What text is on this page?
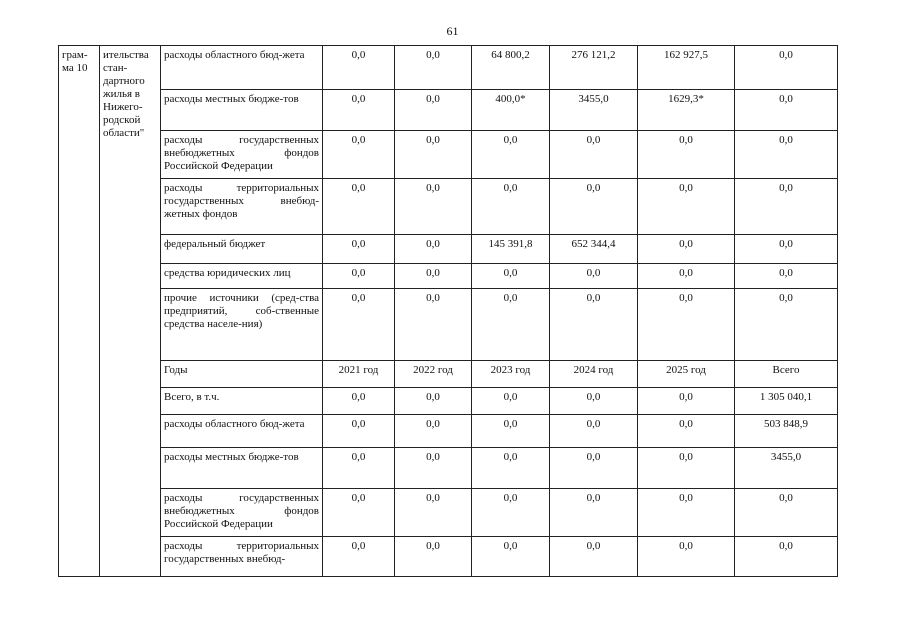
61
грам-ма 10	ительства стан-дартного жилья в Нижего-родской области"	расходы областного бюд-жета	0,0	0,0	64 800,2	276 121,2	162 927,5	0,0
		расходы местных бюдже-тов	0,0	0,0	400,0*	3455,0	1629,3*	0,0
		расходы государственных внебюджетных фондов Российской Федерации	0,0	0,0	0,0	0,0	0,0	0,0
		расходы территориальных государственных внебюд-жетных фондов	0,0	0,0	0,0	0,0	0,0	0,0
		федеральный бюджет	0,0	0,0	145 391,8	652 344,4	0,0	0,0
		средства юридических лиц	0,0	0,0	0,0	0,0	0,0	0,0
		прочие источники (сред-ства предприятий, соб-ственные средства населе-ния)	0,0	0,0	0,0	0,0	0,0	0,0
		Годы	2021 год	2022 год	2023 год	2024 год	2025 год	Всего
		Всего, в т.ч.	0,0	0,0	0,0	0,0	0,0	1 305 040,1
		расходы областного бюд-жета	0,0	0,0	0,0	0,0	0,0	503 848,9
		расходы местных бюдже-тов	0,0	0,0	0,0	0,0	0,0	3455,0
		расходы государственных внебюджетных фондов Российской Федерации	0,0	0,0	0,0	0,0	0,0	0,0
		расходы территориальных государственных внебюд-	0,0	0,0	0,0	0,0	0,0	0,0
